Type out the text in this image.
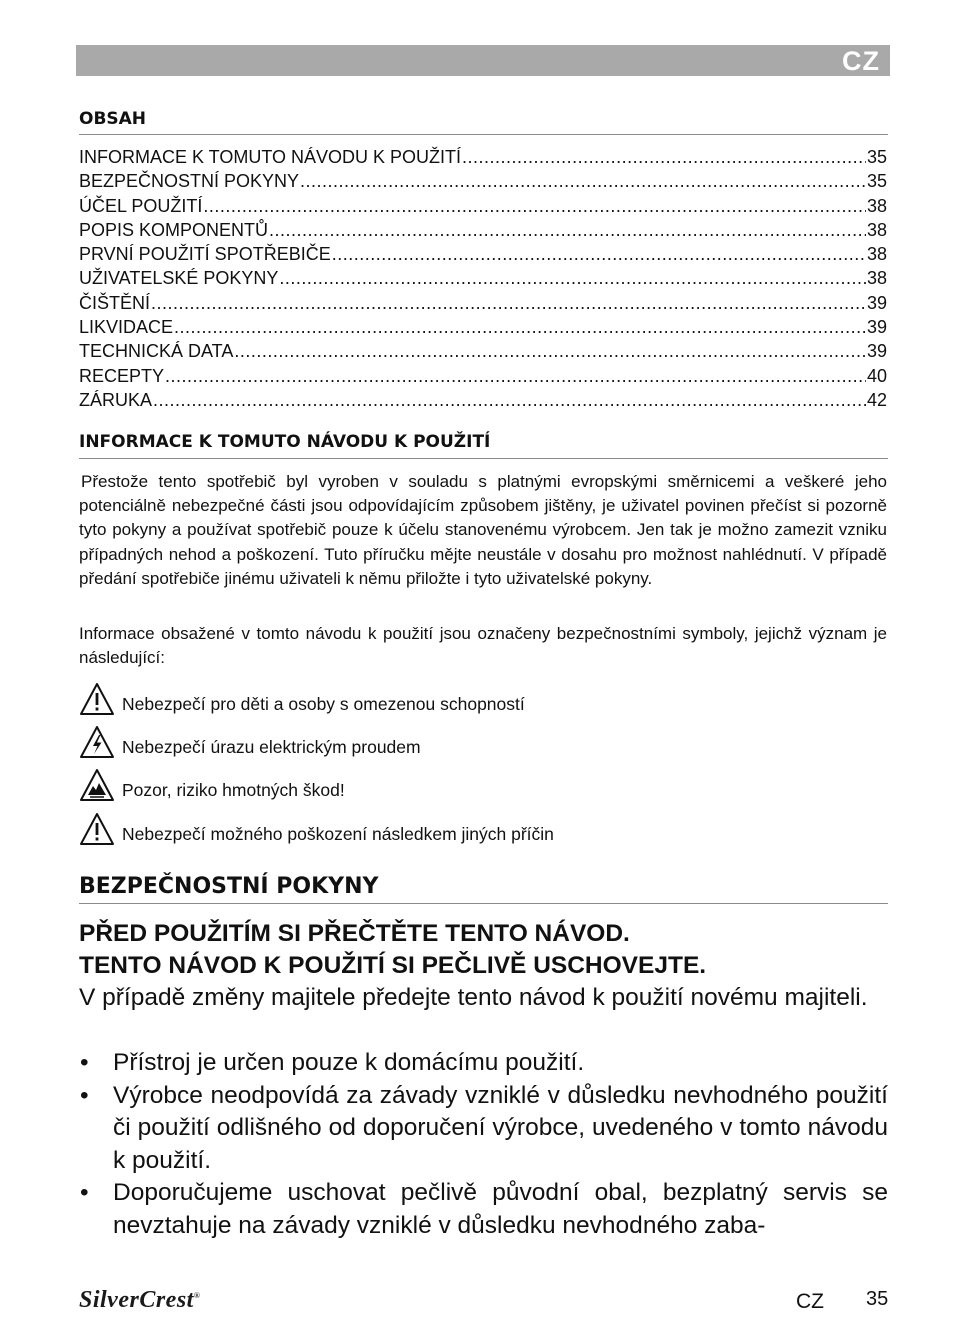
CZ
OBSAH
INFORMACE K TOMUTO NÁVODU K POUŽITÍ .....	35
BEZPEČNOSTNÍ POKYNY .....	35
ÚČEL POUŽITÍ .....	38
POPIS KOMPONENTŮ .....	38
PRVNÍ POUŽITÍ SPOTŘEBIČE .....	38
UŽIVATELSKÉ POKYNY .....	38
ČIŠTĚNÍ .....	39
LIKVIDACE .....	39
TECHNICKÁ DATA .....	39
RECEPTY .....	40
ZÁRUKA .....	42
INFORMACE K TOMUTO NÁVODU K POUŽITÍ
Přestože tento spotřebič byl vyroben v souladu s platnými evropskými směrnicemi a veškeré jeho potenciálně nebezpečné části jsou odpovídajícím způsobem jištěny, je uživatel povinen přečíst si pozorně tyto pokyny a používat spotřebič pouze k účelu stanovenému výrobcem. Jen tak je možno zamezit vzniku případných nehod a poškození. Tuto příručku mějte neustále v dosahu pro možnost nahlédnutí. V případě předání spotřebiče jinému uživateli k němu přiložte i tyto uživatelské pokyny.
Informace obsažené v tomto návodu k použití jsou označeny bezpečnostními symboly, jejichž význam je následující:
Nebezpečí pro děti a osoby s omezenou schopností
Nebezpečí úrazu elektrickým proudem
Pozor, riziko hmotných škod!
Nebezpečí možného poškození následkem jiných příčin
BEZPEČNOSTNÍ POKYNY
PŘED POUŽITÍM SI PŘEČTĚTE TENTO NÁVOD.
TENTO NÁVOD K POUŽITÍ SI PEČLIVĚ USCHOVEJTE.
V případě změny majitele předejte tento návod k použití novému majiteli.
• Přístroj je určen pouze k domácímu použití.
• Výrobce neodpovídá za závady vzniklé v důsledku nevhodného použití či použití odlišného od doporučení výrobce, uvedeného v tomto návodu k použití.
• Doporučujeme uschovat pečlivě původní obal, bezplatný servis se nevztahuje na závady vzniklé v důsledku nevhodného zaba-
SilverCrest®	CZ 35
